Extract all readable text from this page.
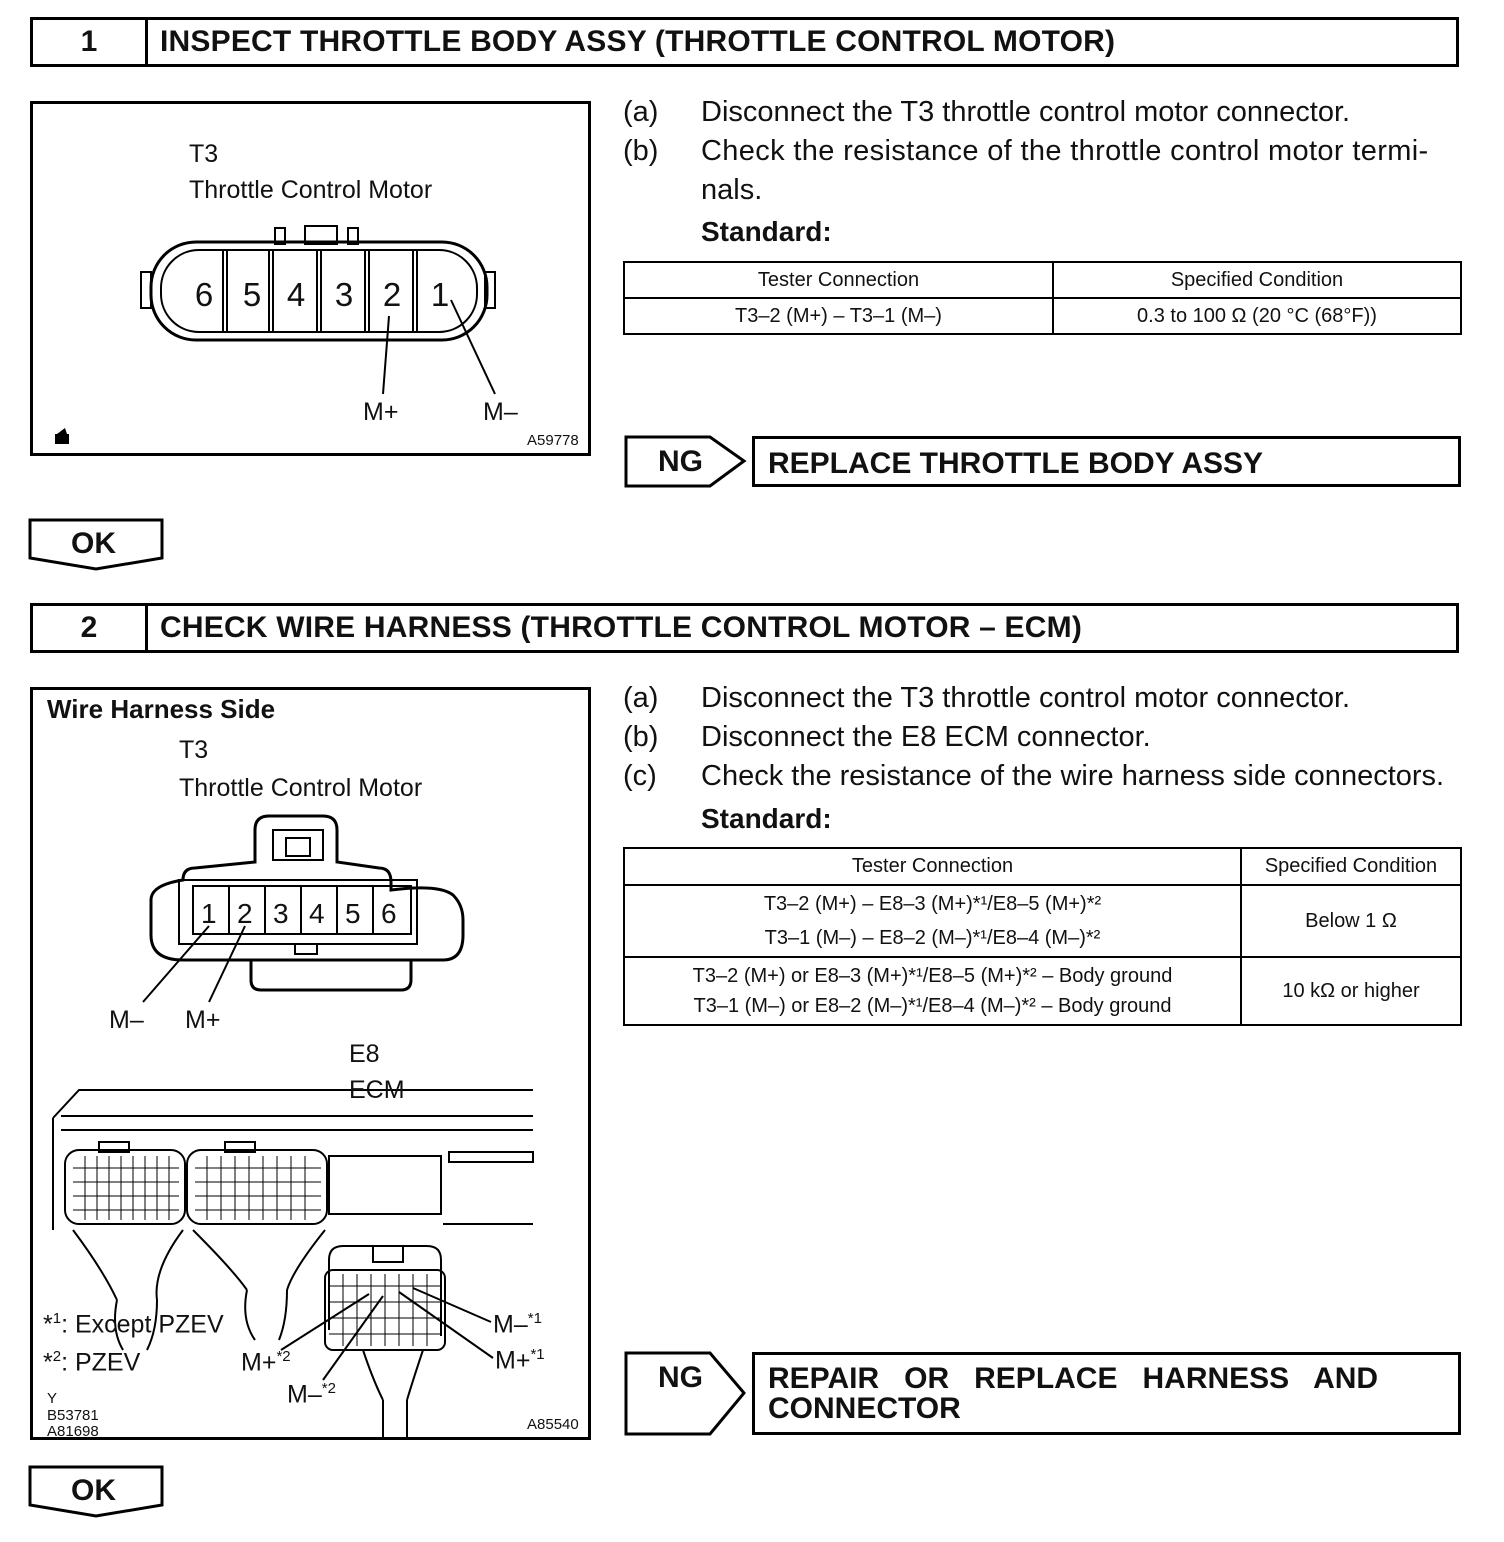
1	INSPECT THROTTLE BODY ASSY (THROTTLE CONTROL MOTOR)
T3
Throttle Control Motor
6 5 4 3 2 1
M+	M–
A59778
(a)	Disconnect the T3 throttle control motor connector.
(b)	Check the resistance of the throttle control motor termi-
nals.
Standard:
Tester Connection	Specified Condition
T3–2 (M+) – T3–1 (M–)	0.3 to 100 Ω (20 °C (68°F))
NG REPLACE THROTTLE BODY ASSY
OK
2	CHECK WIRE HARNESS (THROTTLE CONTROL MOTOR – ECM)
Wire Harness Side
T3
Throttle Control Motor
1 2 3 4 5 6
M– M+
E8
ECM
*$^1$: Except PZEV
*$^2$: PZEV	M+$^{*2}$
M–$^{*2}$
M–$^{*1}$
M+$^{*1}$
Y
B53781
A81698	A85540
(a)	Disconnect the T3 throttle control motor connector.
(b)	Disconnect the E8 ECM connector.
(c)	Check the resistance of the wire harness side connectors.
Standard:
Tester Connection	Specified Condition

T3–2 (M+) – E8–3 (M+)*¹/E8–5 (M+)*²
T3–1 (M–) – E8–2 (M–)*¹/E8–4 (M–)*²	Below 1 Ω

T3–2 (M+) or E8–3 (M+)*¹/E8–5 (M+)*² – Body ground
T3–1 (M–) or E8–2 (M–)*¹/E8–4 (M–)*² – Body ground	10 kΩ or higher
NG REPAIR   OR   REPLACE   HARNESS   AND
CONNECTOR
OK
